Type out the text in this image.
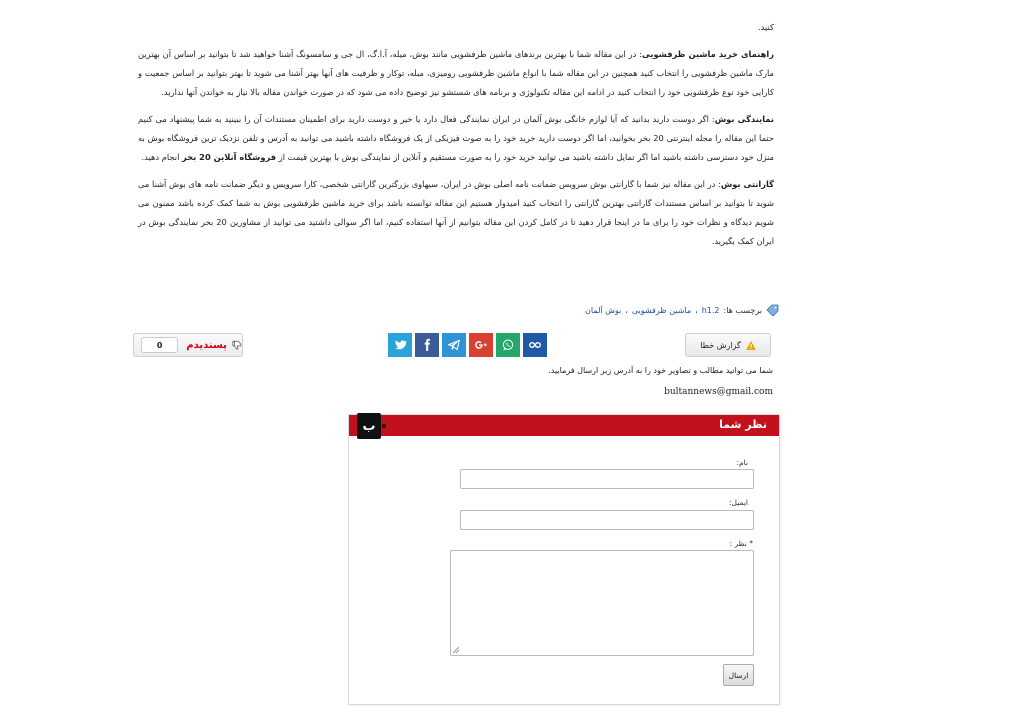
کنید.

راهنمای خرید ماشین ظرفشویی: در این مقاله شما با بهترین برندهای ماشین ظرفشویی مانند بوش، میله، آ.ا.گ، ال جی و سامسونگ آشنا خواهید شد تا بتوانید بر اساس آن بهترین مارک ماشین ظرفشویی را انتخاب کنید همچنین در این مقاله شما با انواع ماشین ظرفشویی رومیزی، مبله، توکار و ظرفیت های آنها بهتر آشنا می شوید تا بهتر بتوانید بر اساس جمعیت و کارایی خود نوع ظرفشویی خود را انتخاب کنید در ادامه این مقاله تکنولوژی و برنامه های شستشو نیز توضیح داده می شود که در صورت خواندن مقاله بالا نیاز به خواندن آنها ندارید.

نمایندگی بوش: اگر دوست دارید بدانید که آیا لوازم خانگی بوش آلمان در ایران نمایندگی فعال دارد یا خیر و دوست دارید برای اطمینان مستندات آن را ببینید به شما پیشنهاد می کنیم حتما این مقاله را مجله اینترنتی 20 بخر بخوانید، اما اگر دوست دارید خرید خود را به صوت فیزیکی از یک فروشگاه داشته باشید می توانید به آدرس و تلفن نزدیک ترین فروشگاه بوش به منزل خود دسترسی داشته باشید اما اگر تمایل داشته باشید می توانید خرید خود را به صورت مستقیم و آنلاین از نمایندگی بوش با بهترین قیمت از فروشگاه آنلاین 20 بخر انجام دهید.

گارانتی بوش: در این مقاله نیز شما با گارانتی بوش سرویس ضمانت نامه اصلی بوش در ایران، سیهاوی بزرگترین گارانتی شخصی، کارا سرویس و دیگر ضمانت نامه های بوش آشنا می شوید تا بتوانید بر اساس مستندات گارانتی بهترین گارانتی را انتخاب کنید امیدوار هستیم این مقاله توانسته باشد برای خرید ماشین ظرفشویی بوش به شما کمک کرده باشد ممنون می شویم دیدگاه و نظرات خود را برای ما در اینجا قرار دهید تا در کامل کردن این مقاله بتوانیم از آنها استفاده کنیم، اما اگر سوالی داشتید می توانید از مشاورین 20 بخر نمایندگی بوش در ایران کمک بگیرید.

برچسب ها:
h1.2
،
ماشین ظرفشویی
،
بوش آلمان
گزارش خطا
0	پسندیدم
شما می توانید مطالب و تصاویر خود را به آدرس زیر ارسال فرمایید.
bultannews@gmail.com
ب	نظر شما
نام:
ایمیل:
* نظر :
ارسال
